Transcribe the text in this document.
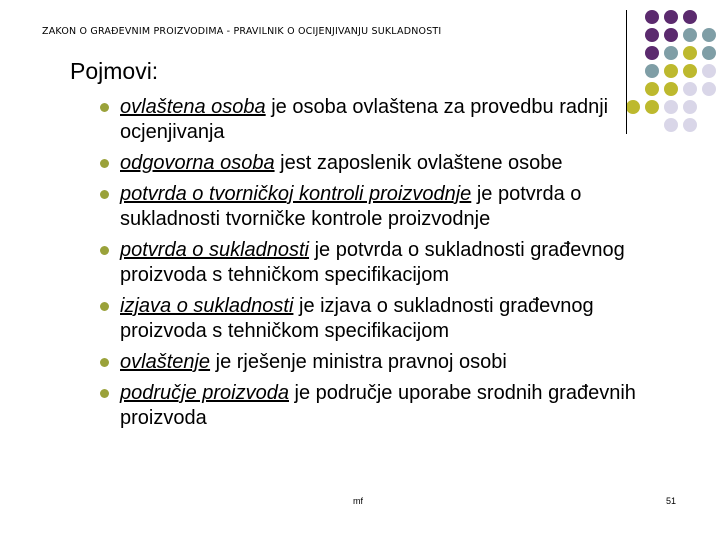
ZAKON O GRAĐEVNIM PROIZVODIMA - PRAVILNIK O OCIJENJIVANJU SUKLADNOSTI
Pojmovi:
ovlaštena osoba je osoba ovlaštena za provedbu radnji ocjenjivanja
odgovorna osoba jest zaposlenik ovlaštene osobe
potvrda o tvorničkoj kontroli proizvodnje je potvrda o sukladnosti tvorničke kontrole proizvodnje
potvrda o sukladnosti je potvrda o sukladnosti građevnog proizvoda s tehničkom specifikacijom
izjava o sukladnosti je izjava o sukladnosti građevnog proizvoda s tehničkom specifikacijom
ovlaštenje je rješenje ministra pravnoj osobi
područje proizvoda je područje uporabe srodnih građevnih proizvoda
mf	51
